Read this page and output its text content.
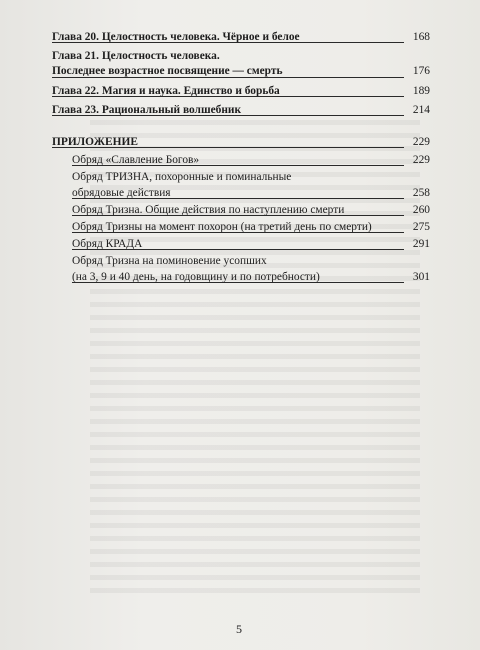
Глава 20. Целостность человека. Чёрное и белое	168
Глава 21. Целостность человека.
Последнее возрастное посвящение — смерть	176
Глава 22. Магия и наука. Единство и борьба	189
Глава 23. Рациональный волшебник	214
ПРИЛОЖЕНИЕ	229
Обряд «Славление Богов»	229
Обряд ТРИЗНА, похоронные и поминальные
обрядовые действия	258
Обряд Тризна. Общие действия по наступлению смерти	260
Обряд Тризны на момент похорон (на третий день по смерти)	275
Обряд КРАДА	291
Обряд Тризна на поминовение усопших
(на 3, 9 и 40 день, на годовщину и по потребности)	301
5
